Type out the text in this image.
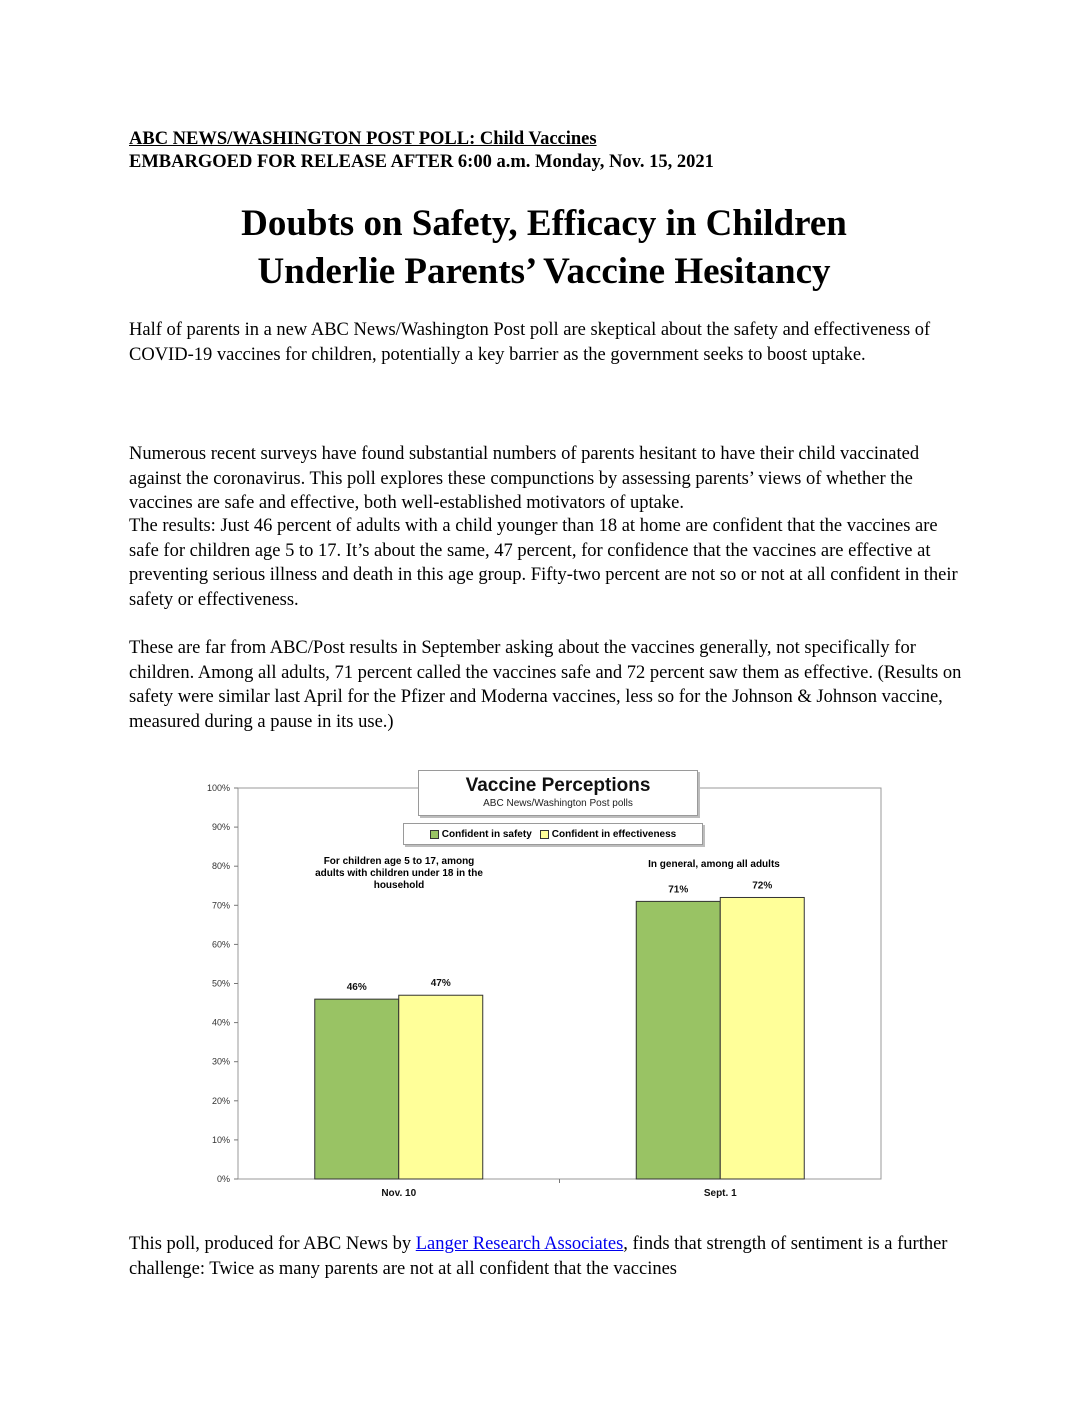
ABC NEWS/WASHINGTON POST POLL: Child Vaccines
EMBARGOED FOR RELEASE AFTER 6:00 a.m. Monday, Nov. 15, 2021
Doubts on Safety, Efficacy in Children
Underlie Parents’ Vaccine Hesitancy

Half of parents in a new ABC News/Washington Post poll are skeptical about the safety and effectiveness of COVID-19 vaccines for children, potentially a key barrier as the government seeks to boost uptake.

Numerous recent surveys have found substantial numbers of parents hesitant to have their child vaccinated against the coronavirus. This poll explores these compunctions by assessing parents’ views of whether the vaccines are safe and effective, both well-established motivators of uptake.

The results: Just 46 percent of adults with a child younger than 18 at home are confident that the vaccines are safe for children age 5 to 17. It’s about the same, 47 percent, for confidence that the vaccines are effective at preventing serious illness and death in this age group. Fifty-two percent are not so or not at all confident in their safety or effectiveness.

These are far from ABC/Post results in September asking about the vaccines generally, not specifically for children. Among all adults, 71 percent called the vaccines safe and 72 percent saw them as effective. (Results on safety were similar last April for the Pfizer and Moderna vaccines, less so for the Johnson & Johnson vaccine, measured during a pause in its use.)

0%
10%
20%
30%
40%
50%
60%
70%
80%
90%
100%
46%	47%
Nov. 10
71%	72%
Sept. 1
Vaccine Perceptions
ABC News/Washington Post polls
Confident in safety Confident in effectiveness
For children age 5 to 17, among adults with children under 18 in the household
In general, among all adults

This poll, produced for ABC News by Langer Research Associates, finds that strength of sentiment is a further challenge: Twice as many parents are not at all confident that the vaccines
